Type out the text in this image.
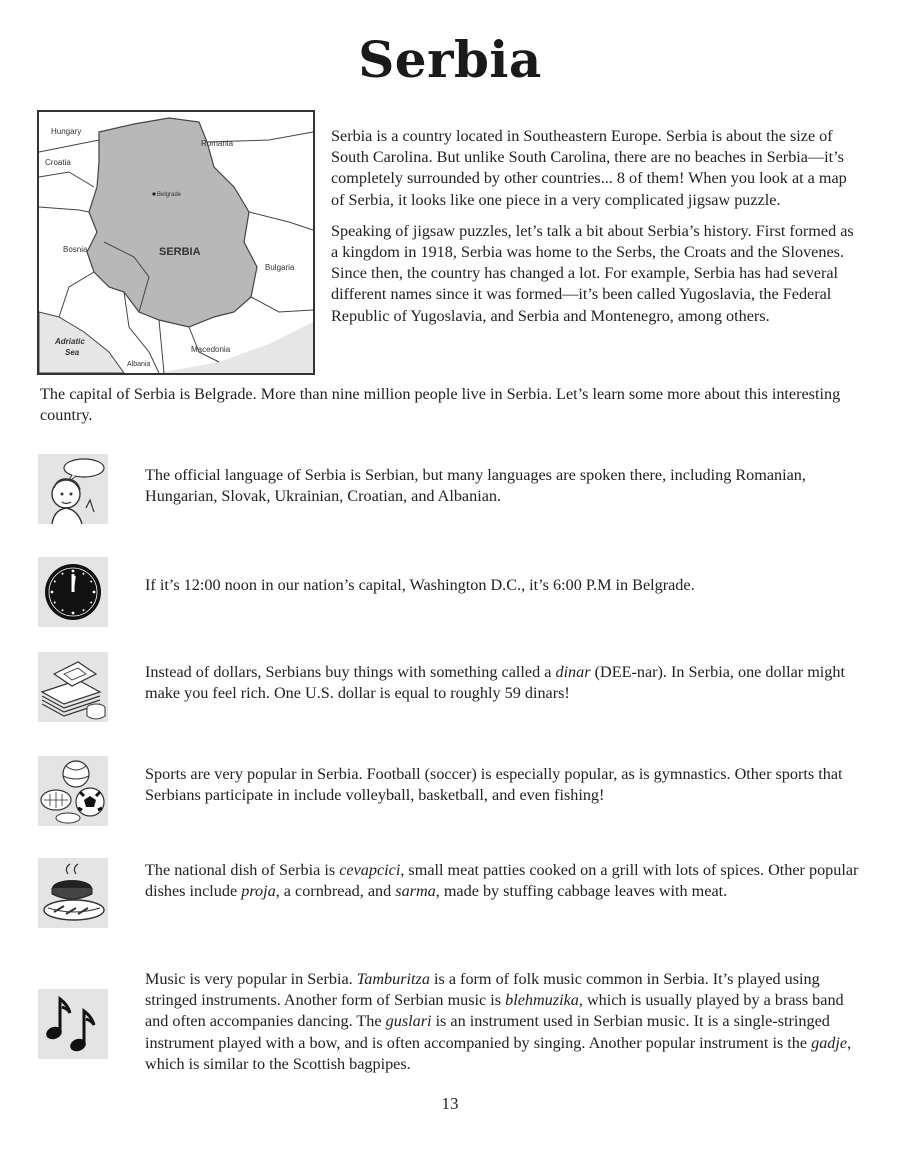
Serbia
Hungary
Romania
Croatia
Belgrade
Bosnia	SERBIA
Bulgaria
Adriatic
Sea
Albania
Macedonia

Serbia is a country located in Southeastern Europe. Serbia is about the size of South Carolina. But unlike South Carolina, there are no beaches in Serbia—it’s completely surrounded by other countries... 8 of them! When you look at a map of Serbia, it looks like one piece in a very complicated jigsaw puzzle.

Speaking of jigsaw puzzles, let’s talk a bit about Serbia’s history. First formed as a kingdom in 1918, Serbia was home to the Serbs, the Croats and the Slovenes. Since then, the country has changed a lot. For example, Serbia has had several different names since it was formed—it’s been called Yugoslavia, the Federal Republic of Yugoslavia, and Serbia and Montenegro, among others.

The capital of Serbia is Belgrade. More than nine million people live in Serbia. Let’s learn some more about this interesting country.

The official language of Serbia is Serbian, but many languages are spoken there, including Romanian, Hungarian, Slovak, Ukrainian, Croatian, and Albanian.

If it’s 12:00 noon in our nation’s capital, Washington D.C., it’s 6:00 P.M in Belgrade.

Instead of dollars, Serbians buy things with something called a dinar (DEE-nar). In Serbia, one dollar might make you feel rich. One U.S. dollar is equal to roughly 59 dinars!

Sports are very popular in Serbia. Football (soccer) is especially popular, as is gymnastics. Other sports that Serbians participate in include volleyball, basketball, and even fishing!

The national dish of Serbia is cevapcici, small meat patties cooked on a grill with lots of spices. Other popular dishes include proja, a cornbread, and sarma, made by stuffing cabbage leaves with meat.

Music is very popular in Serbia. Tamburitza is a form of folk music common in Serbia. It’s played using stringed instruments. Another form of Serbian music is blehmuzika, which is usually played by a brass band and often accompanies dancing. The guslari is an instrument used in Serbian music. It is a single-stringed instrument played with a bow, and is often accompanied by singing. Another popular instrument is the gadje, which is similar to the Scottish bagpipes.

13
